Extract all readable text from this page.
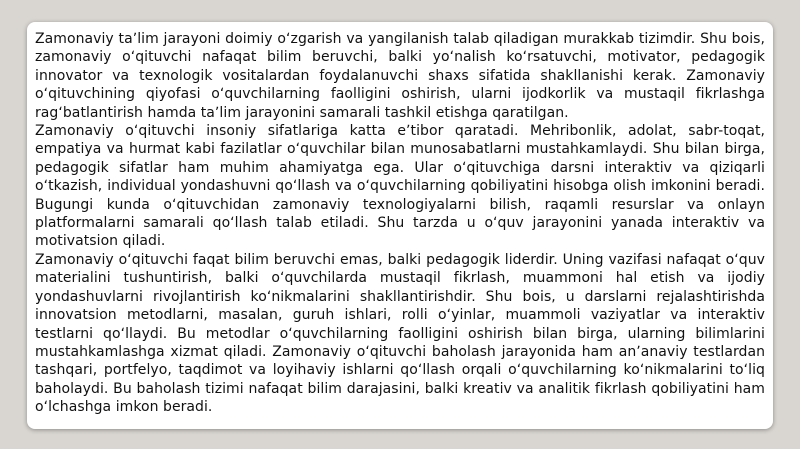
Zamonaviy taʼlim jarayoni doimiy oʻzgarish va yangilanish talab qiladigan murakkab tizimdir. Shu bois, zamonaviy oʻqituvchi nafaqat bilim beruvchi, balki yoʻnalish koʻrsatuvchi, motivator, pedagogik innovator va texnologik vositalardan foydalanuvchi shaxs sifatida shakllanishi kerak. Zamonaviy oʻqituvchining qiyofasi oʻquvchilarning faolligini oshirish, ularni ijodkorlik va mustaqil fikrlashga ragʻbatlantirish hamda taʼlim jarayonini samarali tashkil etishga qaratilgan.

Zamonaviy oʻqituvchi insoniy sifatlariga katta eʼtibor qaratadi. Mehribonlik, adolat, sabr-toqat, empatiya va hurmat kabi fazilatlar oʻquvchilar bilan munosabatlarni mustahkamlaydi. Shu bilan birga, pedagogik sifatlar ham muhim ahamiyatga ega. Ular oʻqituvchiga darsni interaktiv va qiziqarli oʻtkazish, individual yondashuvni qoʻllash va oʻquvchilarning qobiliyatini hisobga olish imkonini beradi. Bugungi kunda oʻqituvchidan zamonaviy texnologiyalarni bilish, raqamli resurslar va onlayn platformalarni samarali qoʻllash talab etiladi. Shu tarzda u oʻquv jarayonini yanada interaktiv va motivatsion qiladi.

Zamonaviy oʻqituvchi faqat bilim beruvchi emas, balki pedagogik liderdir. Uning vazifasi nafaqat oʻquv materialini tushuntirish, balki oʻquvchilarda mustaqil fikrlash, muammoni hal etish va ijodiy yondashuvlarni rivojlantirish koʻnikmalarini shakllantirishdir. Shu bois, u darslarni rejalashtirishda innovatsion metodlarni, masalan, guruh ishlari, rolli oʻyinlar, muammoli vaziyatlar va interaktiv testlarni qoʻllaydi. Bu metodlar oʻquvchilarning faolligini oshirish bilan birga, ularning bilimlarini mustahkamlashga xizmat qiladi. Zamonaviy oʻqituvchi baholash jarayonida ham anʼanaviy testlardan tashqari, portfelyo, taqdimot va loyihaviy ishlarni qoʻllash orqali oʻquvchilarning koʻnikmalarini toʻliq baholaydi. Bu baholash tizimi nafaqat bilim darajasini, balki kreativ va analitik fikrlash qobiliyatini ham oʻlchashga imkon beradi.
